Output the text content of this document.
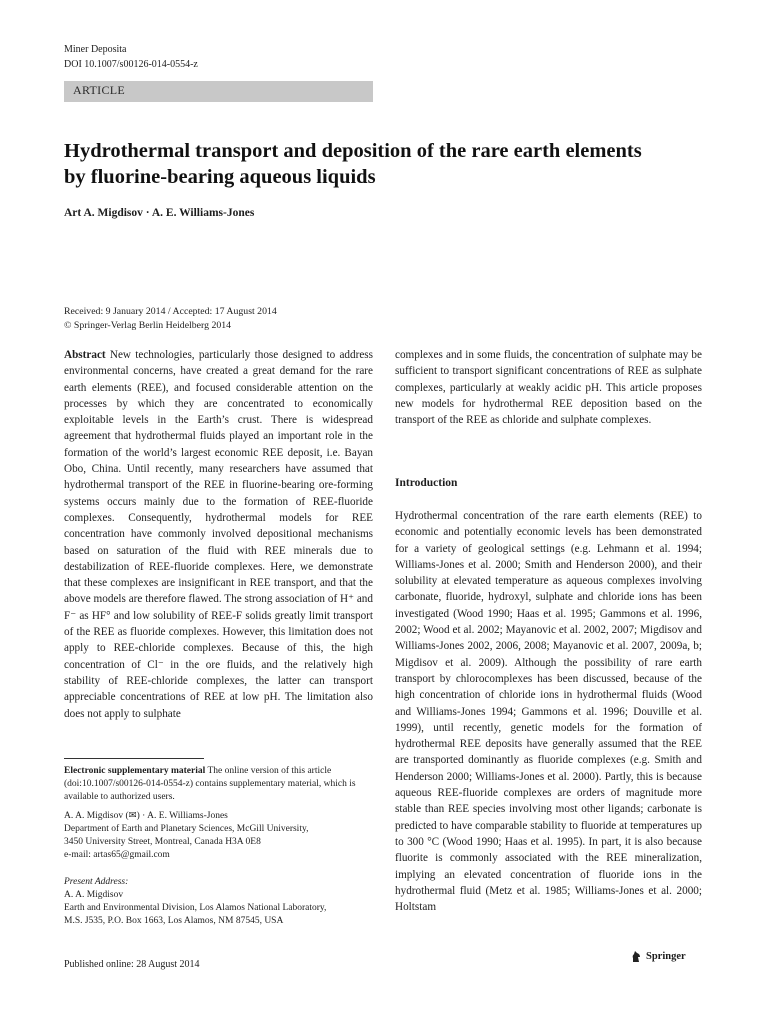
Miner Deposita
DOI 10.1007/s00126-014-0554-z
ARTICLE
Hydrothermal transport and deposition of the rare earth elements
by fluorine-bearing aqueous liquids
Art A. Migdisov · A. E. Williams-Jones
Received: 9 January 2014 / Accepted: 17 August 2014
© Springer-Verlag Berlin Heidelberg 2014

Abstract New technologies, particularly those designed to address environmental concerns, have created a great demand for the rare earth elements (REE), and focused considerable attention on the processes by which they are concentrated to economically exploitable levels in the Earth’s crust. There is widespread agreement that hydrothermal fluids played an important role in the formation of the world’s largest economic REE deposit, i.e. Bayan Obo, China. Until recently, many researchers have assumed that hydrothermal transport of the REE in fluorine-bearing ore-forming systems occurs mainly due to the formation of REE-fluoride complexes. Consequently, hydrothermal models for REE concentration have commonly involved depositional mechanisms based on saturation of the fluid with REE minerals due to destabilization of REE-fluoride complexes. Here, we demonstrate that these complexes are insignificant in REE transport, and that the above models are therefore flawed. The strong association of H⁺ and F⁻ as HF° and low solubility of REE-F solids greatly limit transport of the REE as fluoride complexes. However, this limitation does not apply to REE-chloride complexes. Because of this, the high concentration of Cl⁻ in the ore fluids, and the relatively high stability of REE-chloride complexes, the latter can transport appreciable concentrations of REE at low pH. The limitation also does not apply to sulphate

complexes and in some fluids, the concentration of sulphate may be sufficient to transport significant concentrations of REE as sulphate complexes, particularly at weakly acidic pH. This article proposes new models for hydrothermal REE deposition based on the transport of the REE as chloride and sulphate complexes.
Introduction
Hydrothermal concentration of the rare earth elements (REE) to economic and potentially economic levels has been demonstrated for a variety of geological settings (e.g. Lehmann et al. 1994; Williams-Jones et al. 2000; Smith and Henderson 2000), and their solubility at elevated temperature as aqueous complexes involving carbonate, fluoride, hydroxyl, sulphate and chloride ions has been investigated (Wood 1990; Haas et al. 1995; Gammons et al. 1996, 2002; Wood et al. 2002; Mayanovic et al. 2002, 2007; Migdisov and Williams-Jones 2002, 2006, 2008; Mayanovic et al. 2007, 2009a, b; Migdisov et al. 2009). Although the possibility of rare earth transport by chlorocomplexes has been discussed, because of the high concentration of chloride ions in hydrothermal fluids (Wood and Williams-Jones 1994; Gammons et al. 1996; Douville et al. 1999), until recently, genetic models for the formation of hydrothermal REE deposits have generally assumed that the REE are transported dominantly as fluoride complexes (e.g. Smith and Henderson 2000; Williams-Jones et al. 2000). Partly, this is because aqueous REE-fluoride complexes are orders of magnitude more stable than REE species involving most other ligands; carbonate is predicted to have comparable stability to fluoride at temperatures up to 300 °C (Wood 1990; Haas et al. 1995). In part, it is also because fluorite is commonly associated with the REE mineralization, implying an elevated concentration of fluoride ions in the hydrothermal fluid (Metz et al. 1985; Williams-Jones et al. 2000; Holtstam
Electronic supplementary material The online version of this article (doi:10.1007/s00126-014-0554-z) contains supplementary material, which is available to authorized users.
A. A. Migdisov (✉) · A. E. Williams-Jones
Department of Earth and Planetary Sciences, McGill University,
3450 University Street, Montreal, Canada H3A 0E8
e-mail: artas65@gmail.com
Present Address:
A. A. Migdisov
Earth and Environmental Division, Los Alamos National Laboratory,
M.S. J535, P.O. Box 1663, Los Alamos, NM 87545, USA
Published online: 28 August 2014
Springer
